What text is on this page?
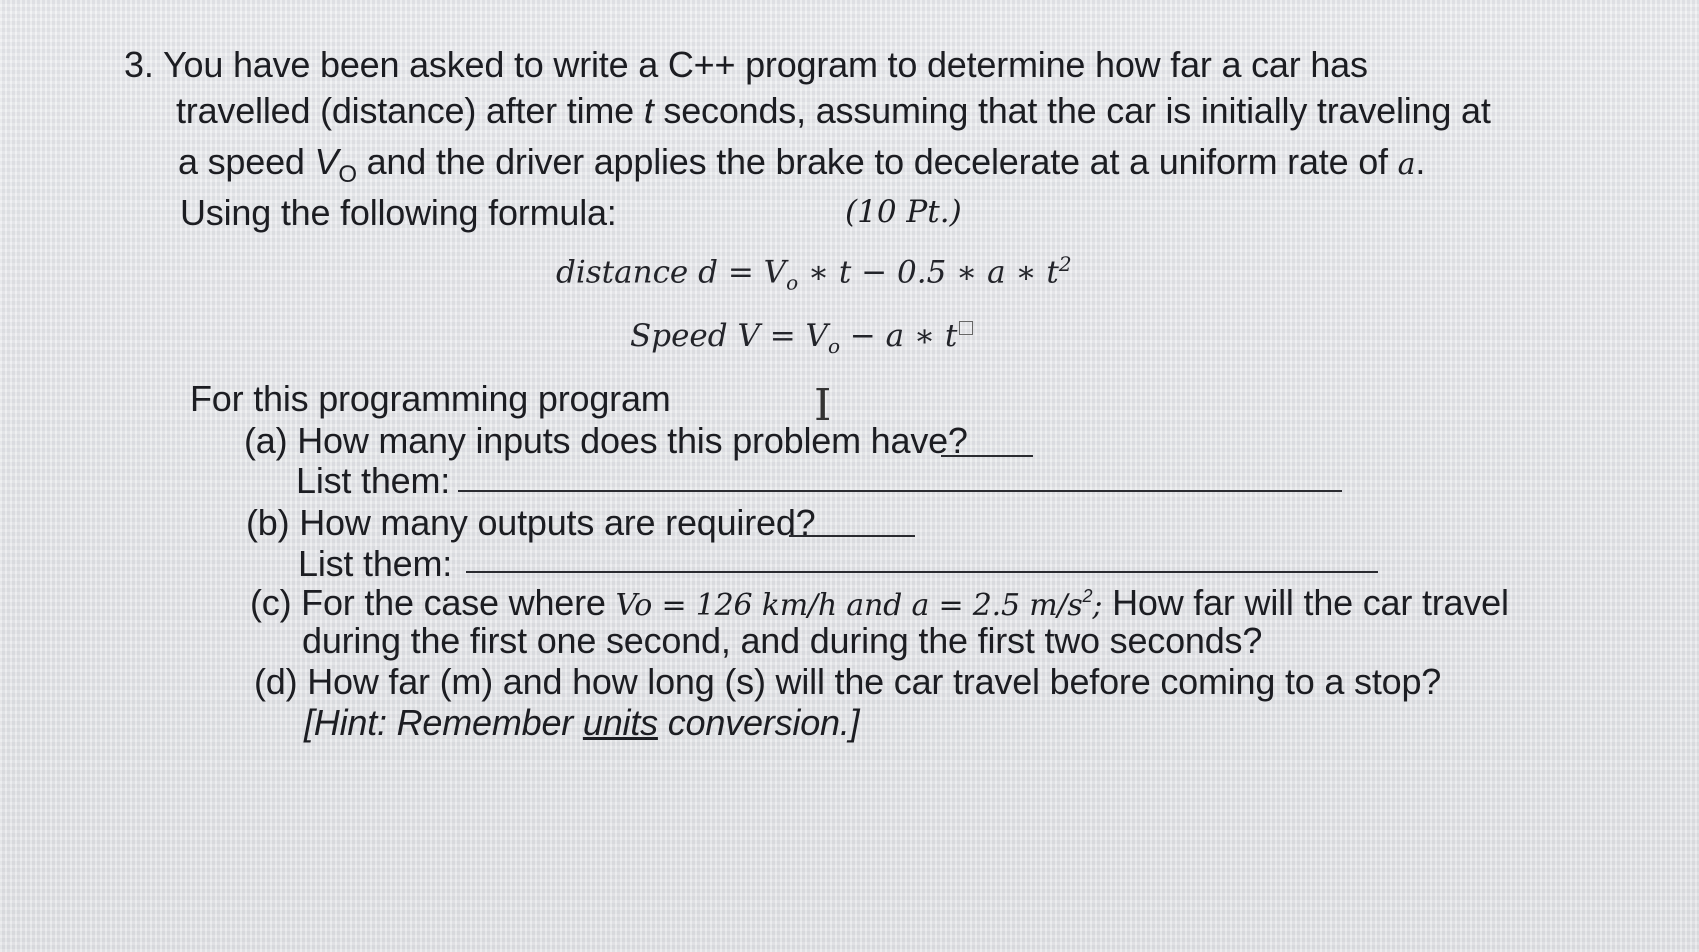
3. You have been asked to write a C++ program to determine how far a car has
travelled (distance) after time t seconds, assuming that the car is initially traveling at
a speed $V_O$ and the driver applies the brake to decelerate at a uniform rate of a.
Using the following formula:	(10 Pt.)
distance $d = V_o$ ∗ t − 0.5 ∗ a ∗ $t^2$
Speed $V = V_o - a$ ∗ t
I
For this programming program
(a) How many inputs does this problem have?
List them:
(b) How many outputs are required?
List them:
(c) For the case where Vo = 126 km/h and a = 2.5 $m/s^2$; How far will the car travel
during the first one second, and during the first two seconds?
(d) How far (m) and how long (s) will the car travel before coming to a stop?
[Hint: Remember units conversion.]
